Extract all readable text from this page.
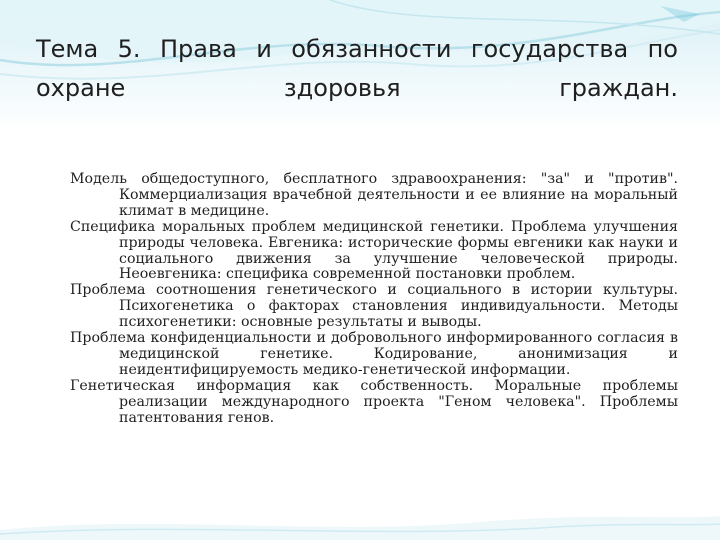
Тема 5. Права и обязанности государства по охране здоровья граждан.
Модель общедоступного, бесплатного здравоохранения: "за" и "против". Коммерциализация врачебной деятельности и ее влияние на моральный климат в медицине.
Специфика моральных проблем медицинской генетики. Проблема улучшения природы человека. Евгеника: исторические формы евгеники как науки и социального движения за улучшение человеческой природы. Неоевгеника: специфика современной постановки проблем.
Проблема соотношения генетического и социального в истории культуры. Психогенетика о факторах становления индивидуальности. Методы психогенетики: основные результаты и выводы.
Проблема конфиденциальности и добровольного информированного согласия в медицинской генетике. Кодирование, анонимизация и неидентифицируемость медико-генетической информации.
Генетическая информация как собственность. Моральные проблемы реализации международного проекта "Геном человека". Проблемы патентования генов.
